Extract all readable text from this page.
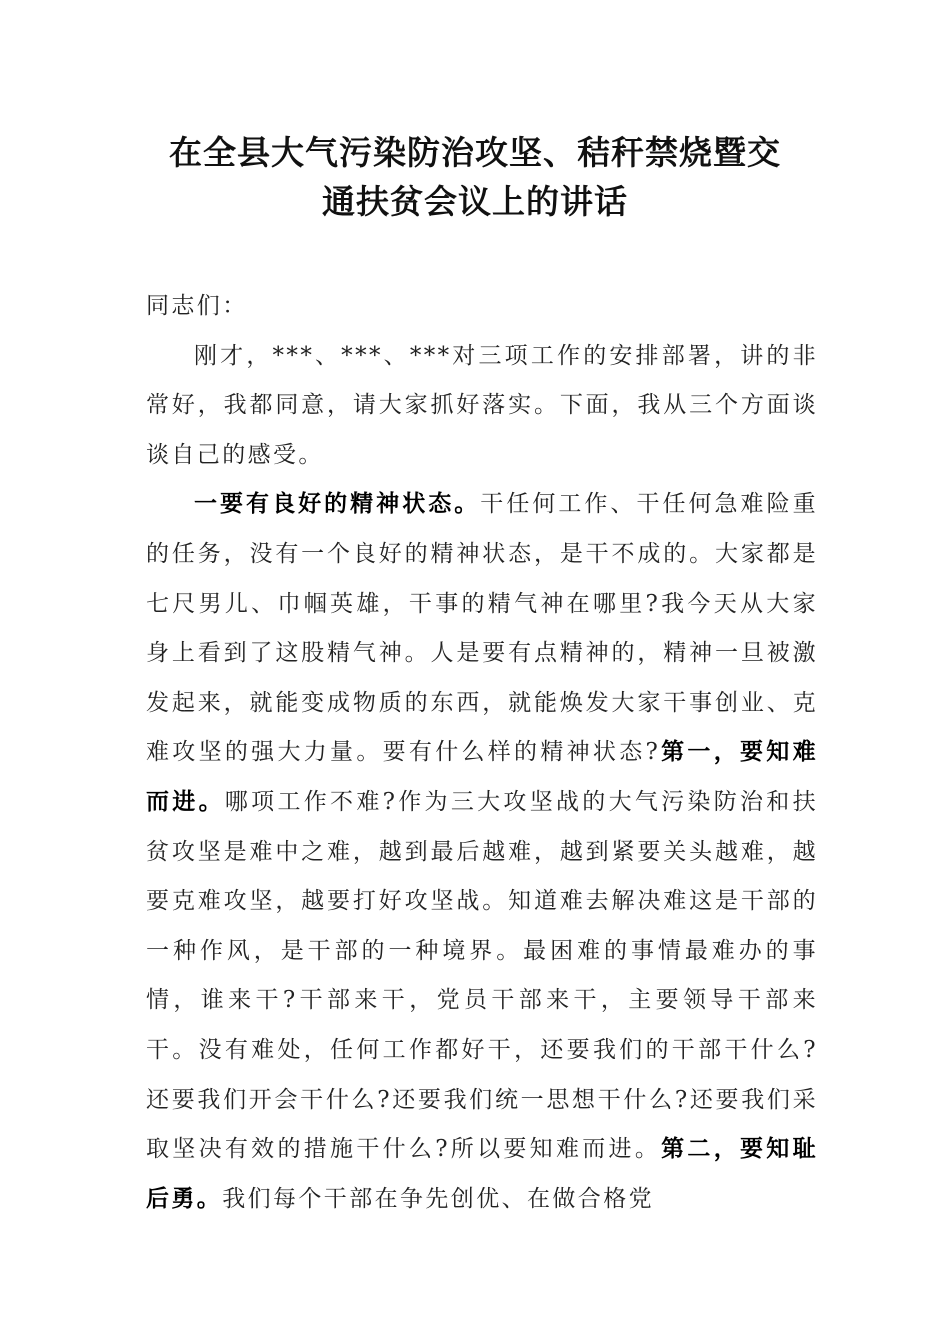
在全县大气污染防治攻坚、秸秆禁烧暨交
通扶贫会议上的讲话

同志们：

刚才，***、***、***对三项工作的安排部署，讲的非常好，我都同意，请大家抓好落实。下面，我从三个方面谈谈自己的感受。

一要有良好的精神状态。干任何工作、干任何急难险重的任务，没有一个良好的精神状态，是干不成的。大家都是七尺男儿、巾帼英雄，干事的精气神在哪里?我今天从大家身上看到了这股精气神。人是要有点精神的，精神一旦被激发起来，就能变成物质的东西，就能焕发大家干事创业、克难攻坚的强大力量。要有什么样的精神状态?第一，要知难而进。哪项工作不难?作为三大攻坚战的大气污染防治和扶贫攻坚是难中之难，越到最后越难，越到紧要关头越难，越要克难攻坚，越要打好攻坚战。知道难去解决难这是干部的一种作风，是干部的一种境界。最困难的事情最难办的事情，谁来干?干部来干，党员干部来干，主要领导干部来干。没有难处，任何工作都好干，还要我们的干部干什么?还要我们开会干什么?还要我们统一思想干什么?还要我们采取坚决有效的措施干什么?所以要知难而进。第二，要知耻后勇。我们每个干部在争先创优、在做合格党
